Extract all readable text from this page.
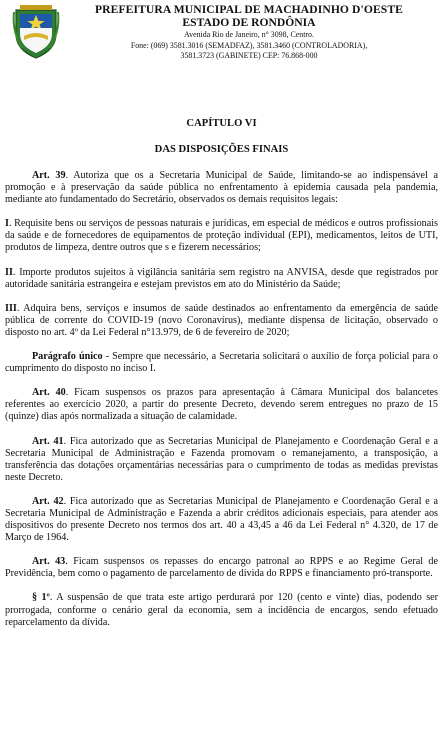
PREFEITURA MUNICIPAL DE MACHADINHO D'OESTE
ESTADO DE RONDÔNIA
Avenida Rio de Janeiro, n° 3098, Centro.
Fone: (069) 3581.3016 (SEMADFAZ), 3581.3460 (CONTROLADORIA),
3581.3723 (GABINETE) CEP: 76.868-000
CAPÍTULO VI
DAS DISPOSIÇÕES FINAIS

Art. 39. Autoriza que os a Secretaria Municipal de Saúde, limitando-se ao indispensável a promoção e à preservação da saúde pública no enfrentamento à epidemia causada pela pandemia, mediante ato fundamentado do Secretário, observados os demais requisitos legais:

I. Requisite bens ou serviços de pessoas naturais e jurídicas, em especial de médicos e outros profissionais da saúde e de fornecedores de equipamentos de proteção individual (EPI), medicamentos, leitos de UTI, produtos de limpeza, dentre outros que s e fizerem necessários;

II. Importe produtos sujeitos à vigilância sanitária sem registro na ANVISA, desde que registrados por autoridade sanitária estrangeira e estejam previstos em ato do Ministério da Saúde;

III. Adquira bens, serviços e insumos de saúde destinados ao enfrentamento da emergência de saúde pública de corrente do COVID-19 (novo Coronavírus), mediante dispensa de licitação, observado o disposto no art. 4º da Lei Federal n°13.979, de 6 de fevereiro de 2020;

Parágrafo único - Sempre que necessário, a Secretaria solicitará o auxílio de força policial para o cumprimento do disposto no inciso I.

Art. 40. Ficam suspensos os prazos para apresentação à Câmara Municipal dos balancetes referentes ao exercício 2020, a partir do presente Decreto, devendo serem entregues no prazo de 15 (quinze) dias após normalizada a situação de calamidade.

Art. 41. Fica autorizado que as Secretarias Municipal de Planejamento e Coordenação Geral e a Secretaria Municipal de Administração e Fazenda promovam o remanejamento, a transposição, a transferência das dotações orçamentárias necessárias para o cumprimento de todas as medidas previstas neste Decreto.

Art. 42. Fica autorizado que as Secretarias Municipal de Planejamento e Coordenação Geral e a Secretaria Municipal de Administração e Fazenda a abrir créditos adicionais especiais, para atender aos dispositivos do presente Decreto nos termos dos art. 40 a 43,45 a 46 da Lei Federal n° 4.320, de 17 de Março de 1964.

Art. 43. Ficam suspensos os repasses do encargo patronal ao RPPS e ao Regime Geral de Previdência, bem como o pagamento de parcelamento de dívida do RPPS e financiamento pró-transporte.

§ 1º. A suspensão de que trata este artigo perdurará por 120 (cento e vinte) dias, podendo ser prorrogada, conforme o cenário geral da economia, sem a incidência de encargos, sendo efetuado reparcelamento da dívida.
